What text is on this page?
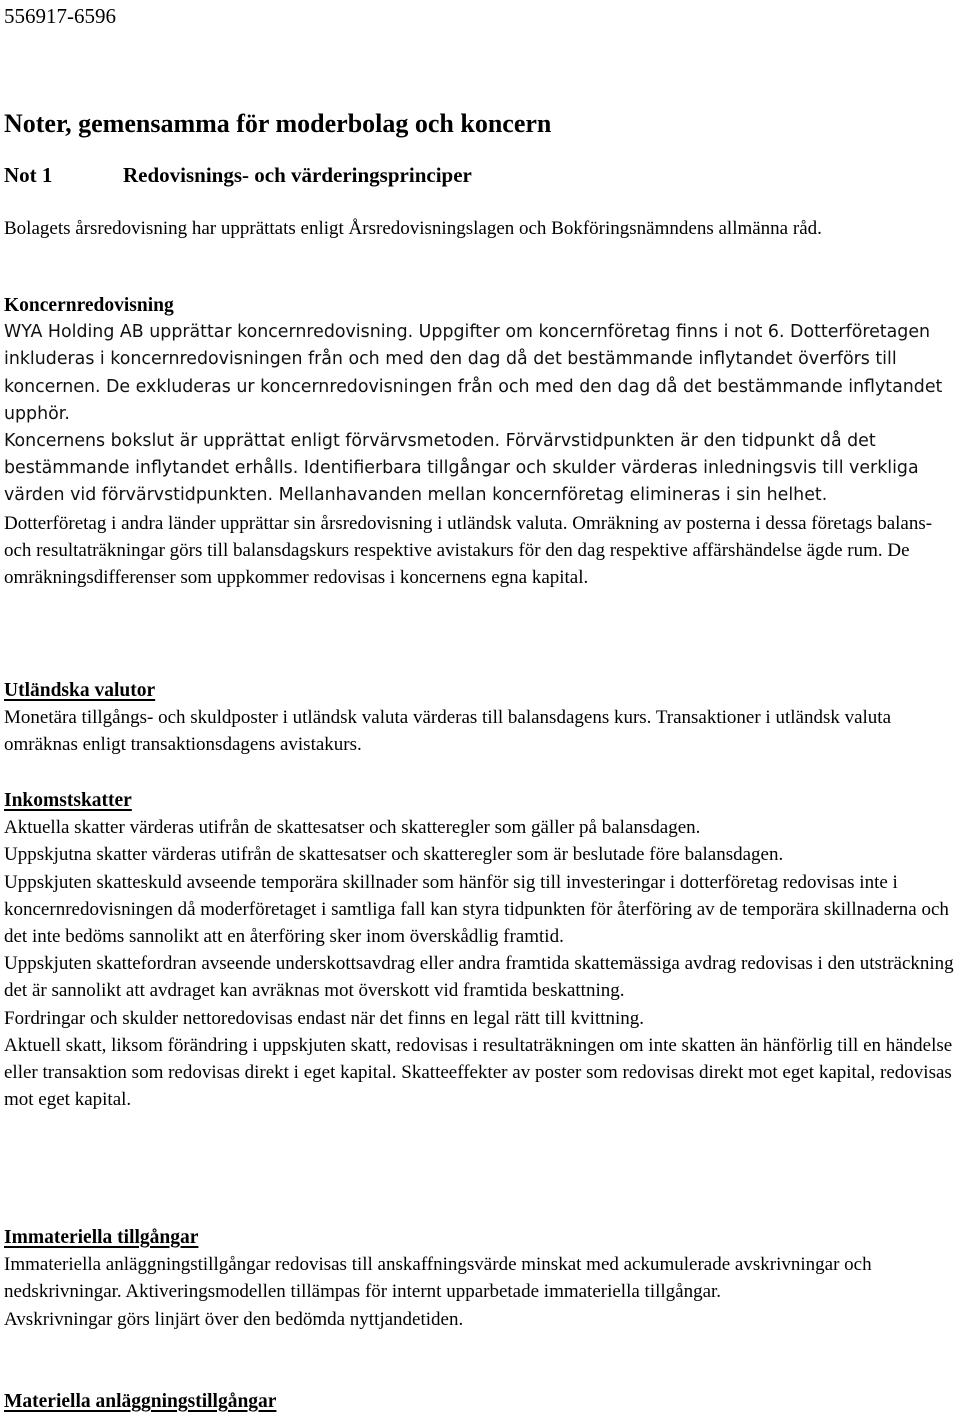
556917-6596
Noter, gemensamma för moderbolag och koncern
Not 1	Redovisnings- och värderingsprinciper

Bolagets årsredovisning har upprättats enligt Årsredovisningslagen och Bokföringsnämndens allmänna råd.

Koncernredovisning

WYA Holding AB upprättar koncernredovisning. Uppgifter om koncernföretag finns i not 6. Dotterföretagen inkluderas i koncernredovisningen från och med den dag då det bestämmande inflytandet överförs till koncernen. De exkluderas ur koncernredovisningen från och med den dag då det bestämmande inflytandet upphör.

Koncernens bokslut är upprättat enligt förvärvsmetoden. Förvärvstidpunkten är den tidpunkt då det bestämmande inflytandet erhålls. Identifierbara tillgångar och skulder värderas inledningsvis till verkliga värden vid förvärvstidpunkten. Mellanhavanden mellan koncernföretag elimineras i sin helhet.

Dotterföretag i andra länder upprättar sin årsredovisning i utländsk valuta. Omräkning av posterna i dessa företags balans- och resultaträkningar görs till balansdagskurs respektive avistakurs för den dag respektive affärshändelse ägde rum. De omräkningsdifferenser som uppkommer redovisas i koncernens egna kapital.

Utländska valutor

Monetära tillgångs- och skuldposter i utländsk valuta värderas till balansdagens kurs. Transaktioner i utländsk valuta omräknas enligt transaktionsdagens avistakurs.

Inkomstskatter

Aktuella skatter värderas utifrån de skattesatser och skatteregler som gäller på balansdagen.

Uppskjutna skatter värderas utifrån de skattesatser och skatteregler som är beslutade före balansdagen.

Uppskjuten skatteskuld avseende temporära skillnader som hänför sig till investeringar i dotterföretag redovisas inte i koncernredovisningen då moderföretaget i samtliga fall kan styra tidpunkten för återföring av de temporära skillnaderna och det inte bedöms sannolikt att en återföring sker inom överskådlig framtid.

Uppskjuten skattefordran avseende underskottsavdrag eller andra framtida skattemässiga avdrag redovisas i den utsträckning det är sannolikt att avdraget kan avräknas mot överskott vid framtida beskattning.

Fordringar och skulder nettoredovisas endast när det finns en legal rätt till kvittning.

Aktuell skatt, liksom förändring i uppskjuten skatt, redovisas i resultaträkningen om inte skatten än hänförlig till en händelse eller transaktion som redovisas direkt i eget kapital. Skatteeffekter av poster som redovisas direkt mot eget kapital, redovisas mot eget kapital.

Immateriella tillgångar

Immateriella anläggningstillgångar redovisas till anskaffningsvärde minskat med ackumulerade avskrivningar och nedskrivningar. Aktiveringsmodellen tillämpas för internt upparbetade immateriella tillgångar.

Avskrivningar görs linjärt över den bedömda nyttjandetiden.

Materiella anläggningstillgångar
